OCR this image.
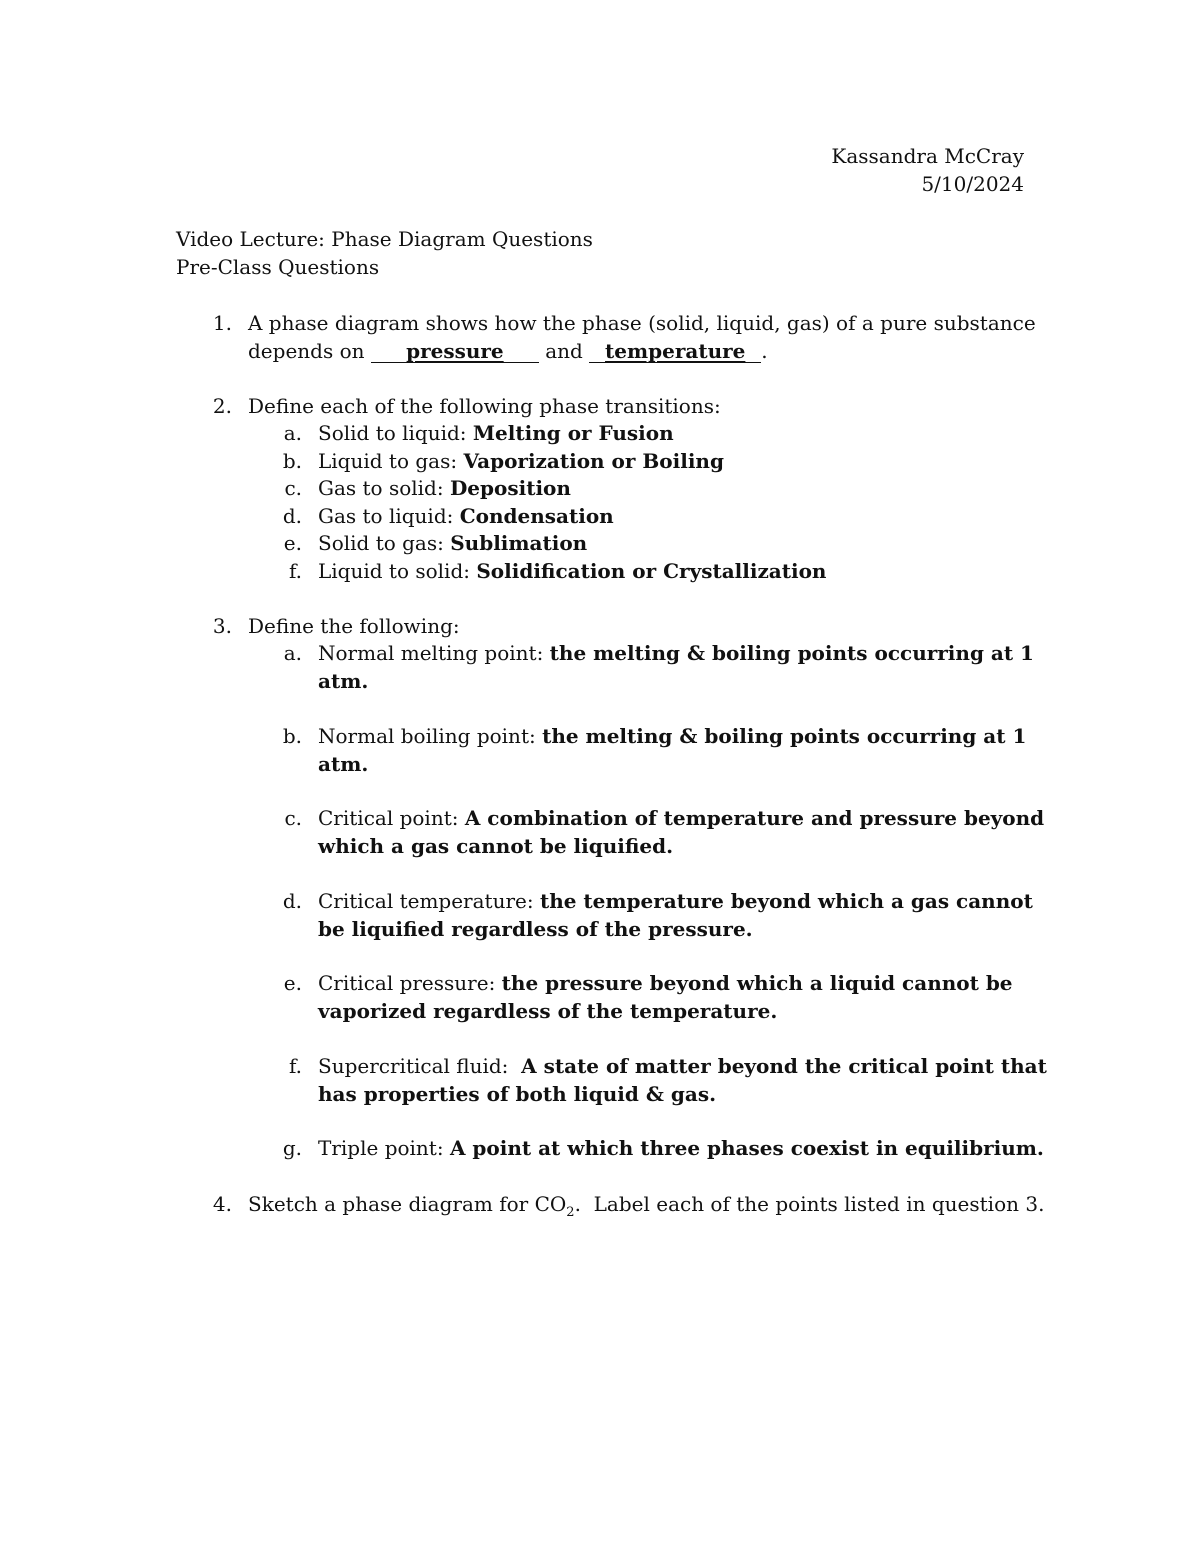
Kassandra McCray
5/10/2024
Video Lecture: Phase Diagram Questions
Pre-Class Questions
1. A phase diagram shows how the phase (solid, liquid, gas) of a pure substance
depends on pressure and temperature .
2. Define each of the following phase transitions:
a. Solid to liquid: Melting or Fusion
b. Liquid to gas: Vaporization or Boiling
c. Gas to solid: Deposition
d. Gas to liquid: Condensation
e. Solid to gas: Sublimation
f. Liquid to solid: Solidification or Crystallization
3. Define the following:
a. Normal melting point: the melting & boiling points occurring at 1
atm.
b. Normal boiling point: the melting & boiling points occurring at 1
atm.
c. Critical point: A combination of temperature and pressure beyond
which a gas cannot be liquified.
d. Critical temperature: the temperature beyond which a gas cannot
be liquified regardless of the pressure.
e. Critical pressure: the pressure beyond which a liquid cannot be
vaporized regardless of the temperature.
f. Supercritical fluid:  A state of matter beyond the critical point that
has properties of both liquid & gas.
g. Triple point: A point at which three phases coexist in equilibrium.
4. Sketch a phase diagram for $CO_2$.  Label each of the points listed in question 3.
